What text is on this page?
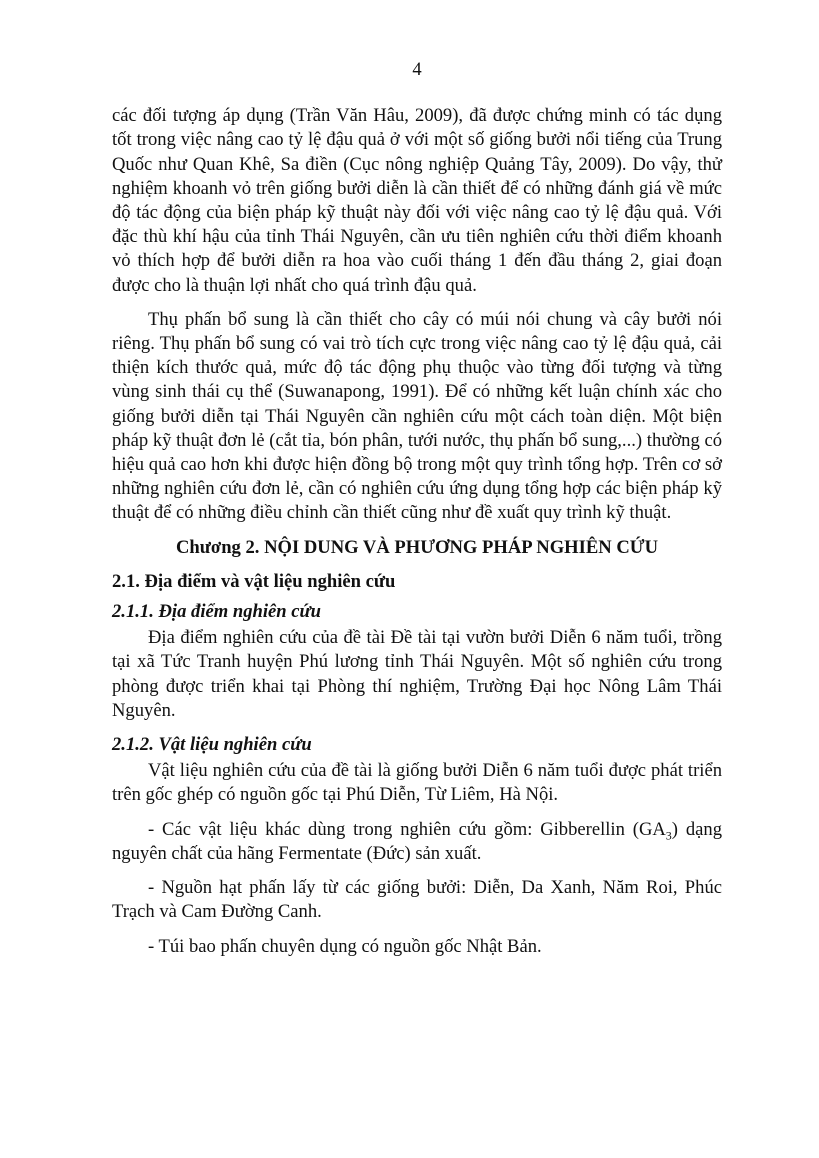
4

các đối tượng áp dụng (Trần Văn Hâu, 2009), đã được chứng minh có tác dụng tốt trong việc nâng cao tỷ lệ đậu quả ở với một số giống bưởi nổi tiếng của Trung Quốc như Quan Khê, Sa điền (Cục nông nghiệp Quảng Tây, 2009). Do vậy, thử nghiệm khoanh vỏ trên giống bưởi diễn là cần thiết để có những đánh giá về mức độ tác động của biện pháp kỹ thuật này đối với việc nâng cao tỷ lệ đậu quả. Với đặc thù khí hậu của tỉnh Thái Nguyên, cần ưu tiên nghiên cứu thời điểm khoanh vỏ thích hợp để bưởi diễn ra hoa vào cuối tháng 1 đến đầu tháng 2, giai đoạn được cho là thuận lợi nhất cho quá trình đậu quả.

Thụ phấn bổ sung là cần thiết cho cây có múi nói chung và cây bưởi nói riêng. Thụ phấn bổ sung có vai trò tích cực trong việc nâng cao tỷ lệ đậu quả, cải thiện kích thước quả, mức độ tác động phụ thuộc vào từng đối tượng và từng vùng sinh thái cụ thể (Suwanapong, 1991). Để có những kết luận chính xác cho giống bưởi diễn tại Thái Nguyên cần nghiên cứu một cách toàn diện. Một biện pháp kỹ thuật đơn lẻ (cắt tỉa, bón phân, tưới nước, thụ phấn bổ sung,...) thường có hiệu quả cao hơn khi được hiện đồng bộ trong một quy trình tổng hợp. Trên cơ sở những nghiên cứu đơn lẻ, cần có nghiên cứu ứng dụng tổng hợp các biện pháp kỹ thuật để có những điều chỉnh cần thiết cũng như đề xuất quy trình kỹ thuật.

Chương 2. NỘI DUNG VÀ PHƯƠNG PHÁP NGHIÊN CỨU
2.1. Địa điểm và vật liệu nghiên cứu
2.1.1. Địa điểm nghiên cứu

Địa điểm nghiên cứu của đề tài Đề tài tại vườn bưởi Diễn 6 năm tuổi, trồng tại xã Tức Tranh huyện Phú lương tỉnh Thái Nguyên. Một số nghiên cứu trong phòng được triển khai tại Phòng thí nghiệm, Trường Đại học Nông Lâm Thái Nguyên.

2.1.2. Vật liệu nghiên cứu

Vật liệu nghiên cứu của đề tài là giống bưởi Diễn 6 năm tuổi được phát triển trên gốc ghép có nguồn gốc tại Phú Diễn, Từ Liêm, Hà Nội.

- Các vật liệu khác dùng trong nghiên cứu gồm: Gibberellin $(GA_3)$ dạng nguyên chất của hãng Fermentate (Đức) sản xuất.

- Nguồn hạt phấn lấy từ các giống bưởi: Diễn, Da Xanh, Năm Roi, Phúc Trạch và Cam Đường Canh.

- Túi bao phấn chuyên dụng có nguồn gốc Nhật Bản.
